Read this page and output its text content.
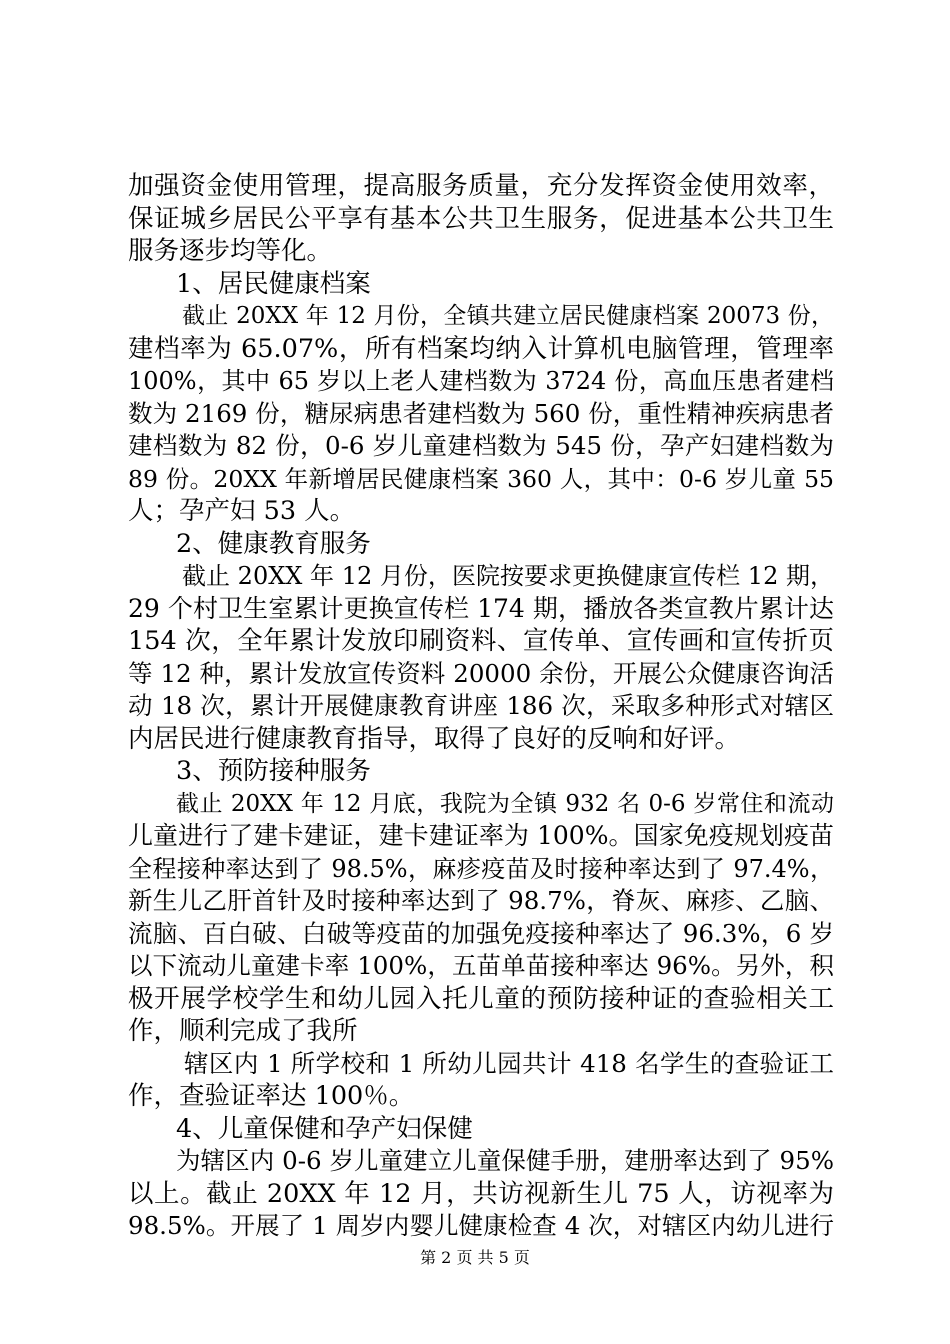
加强资金使用管理，提高服务质量，充分发挥资金使用效率，
保证城乡居民公平享有基本公共卫生服务，促进基本公共卫生
服务逐步均等化。
1、居民健康档案
截止 20XX 年 12 月份，全镇共建立居民健康档案 20073 份，
建档率为 65.07%，所有档案均纳入计算机电脑管理，管理率
100%，其中 65 岁以上老人建档数为 3724 份，高血压患者建档
数为 2169 份，糖尿病患者建档数为 560 份，重性精神疾病患者
建档数为 82 份，0-6 岁儿童建档数为 545 份，孕产妇建档数为
89 份。20XX 年新增居民健康档案 360 人，其中：0-6 岁儿童 55
人；孕产妇 53 人。
2、健康教育服务
截止 20XX 年 12 月份，医院按要求更换健康宣传栏 12 期，
29 个村卫生室累计更换宣传栏 174 期，播放各类宣教片累计达
154 次，全年累计发放印刷资料、宣传单、宣传画和宣传折页
等 12 种，累计发放宣传资料 20000 余份，开展公众健康咨询活
动 18 次，累计开展健康教育讲座 186 次，采取多种形式对辖区
内居民进行健康教育指导，取得了良好的反响和好评。
3、预防接种服务
截止 20XX 年 12 月底，我院为全镇 932 名 0-6 岁常住和流动
儿童进行了建卡建证，建卡建证率为 100%。国家免疫规划疫苗
全程接种率达到了 98.5%，麻疹疫苗及时接种率达到了 97.4%，
新生儿乙肝首针及时接种率达到了 98.7%，脊灰、麻疹、乙脑、
流脑、百白破、白破等疫苗的加强免疫接种率达了 96.3%，6 岁
以下流动儿童建卡率 100%，五苗单苗接种率达 96%。另外，积
极开展学校学生和幼儿园入托儿童的预防接种证的查验相关工
作，顺利完成了我所
辖区内 1 所学校和 1 所幼儿园共计 418 名学生的查验证工
作，查验证率达 100％。
4、儿童保健和孕产妇保健
为辖区内 0-6 岁儿童建立儿童保健手册，建册率达到了 95%
以上。截止 20XX 年 12 月，共访视新生儿 75 人，访视率为
98.5%。开展了 1 周岁内婴儿健康检查 4 次，对辖区内幼儿进行
第 2 页 共 5 页
